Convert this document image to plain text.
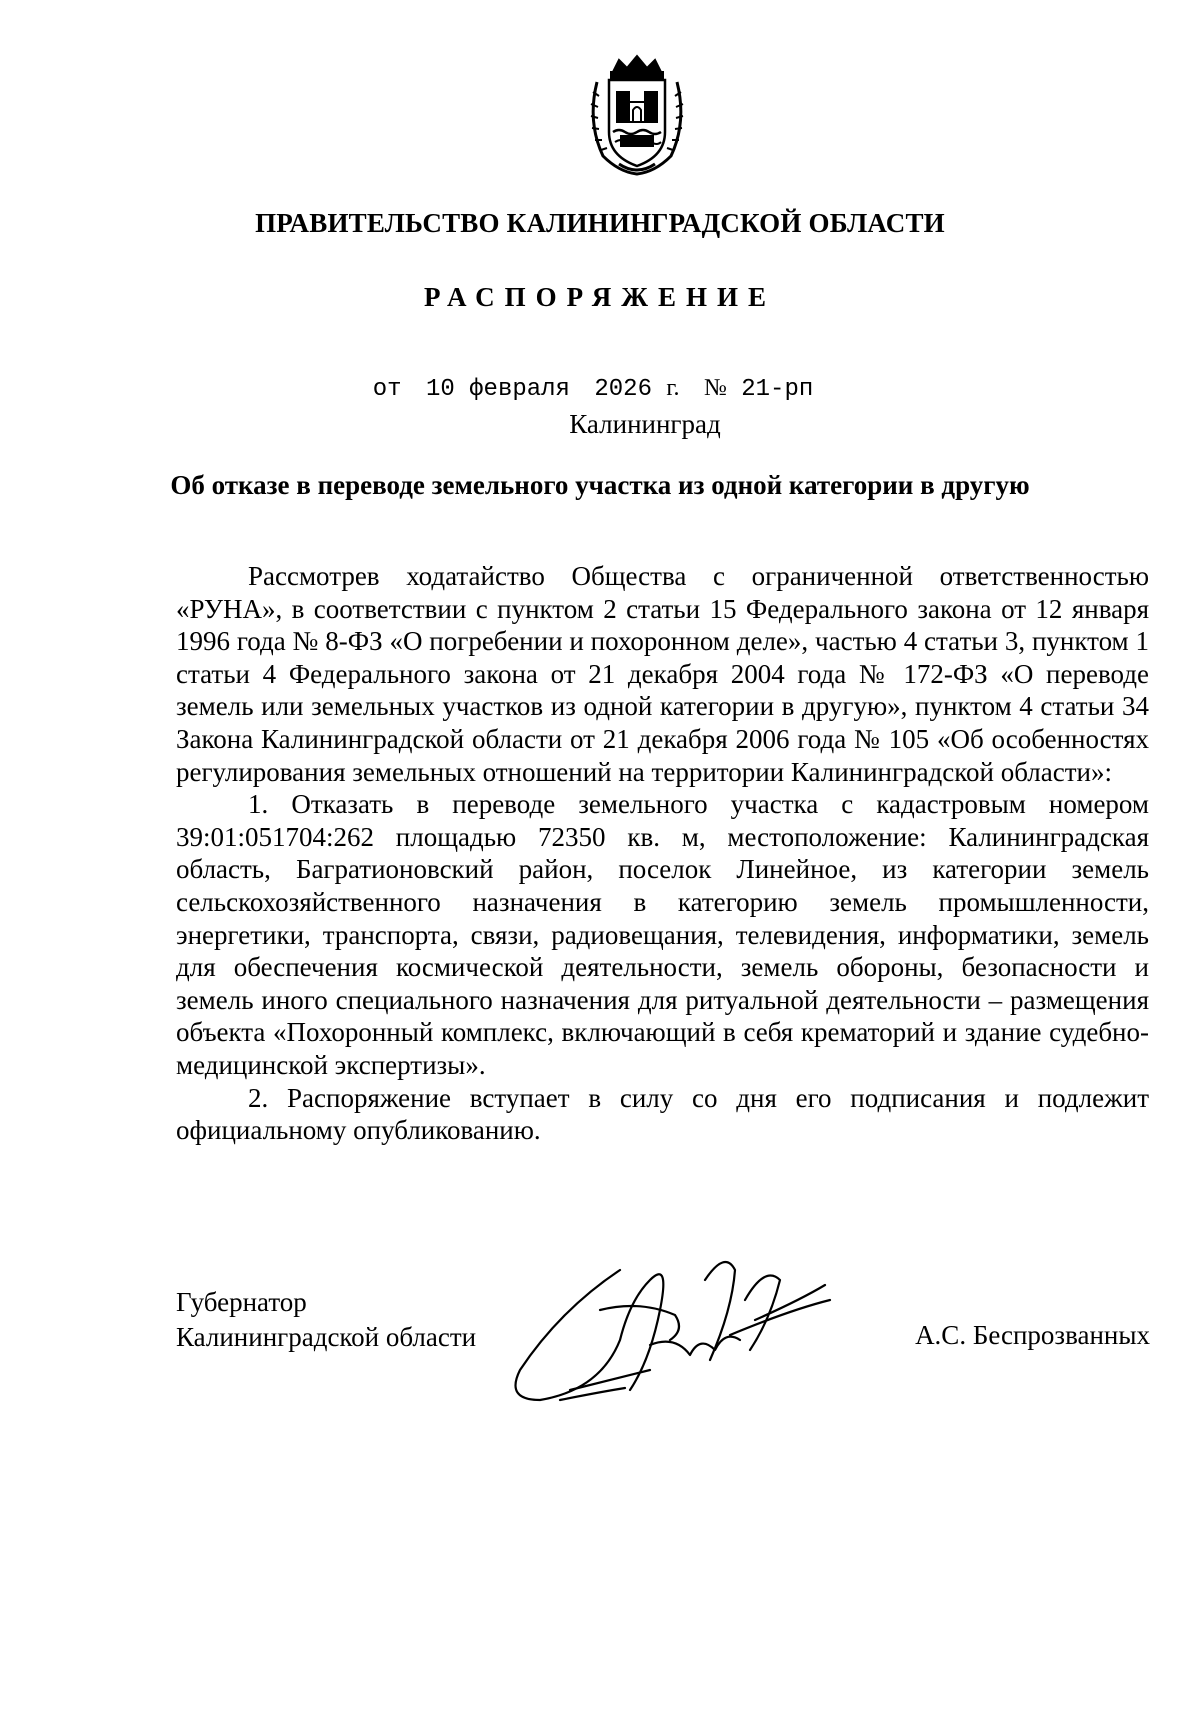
ПРАВИТЕЛЬСТВО КАЛИНИНГРАДСКОЙ ОБЛАСТИ
РАСПОРЯЖЕНИЕ
от 10 февраля 2026 г. № 21-рп
Калининград
Об отказе в переводе земельного участка из одной категории в другую

Рассмотрев ходатайство Общества с ограниченной ответственностью «РУНА», в соответствии с пунктом 2 статьи 15 Федерального закона от 12 января 1996 года № 8-ФЗ «О погребении и похоронном деле», частью 4 статьи 3, пунктом 1 статьи 4 Федерального закона от 21 декабря 2004 года № 172-ФЗ «О переводе земель или земельных участков из одной категории в другую», пунктом 4 статьи 34 Закона Калининградской области от 21 декабря 2006 года № 105 «Об особенностях регулирования земельных отношений на территории Калининградской области»:

1. Отказать в переводе земельного участка с кадастровым номером 39:01:051704:262 площадью 72350 кв. м, местоположение: Калининградская область, Багратионовский район, поселок Линейное, из категории земель сельскохозяйственного назначения в категорию земель промышленности, энергетики, транспорта, связи, радиовещания, телевидения, информатики, земель для обеспечения космической деятельности, земель обороны, безопасности и земель иного специального назначения для ритуальной деятельности – размещения объекта «Похоронный комплекс, включающий в себя крематорий и здание судебно-медицинской экспертизы».

2. Распоряжение вступает в силу со дня его подписания и подлежит официальному опубликованию.

Губернатор
Калининградской области	А.С. Беспрозванных
